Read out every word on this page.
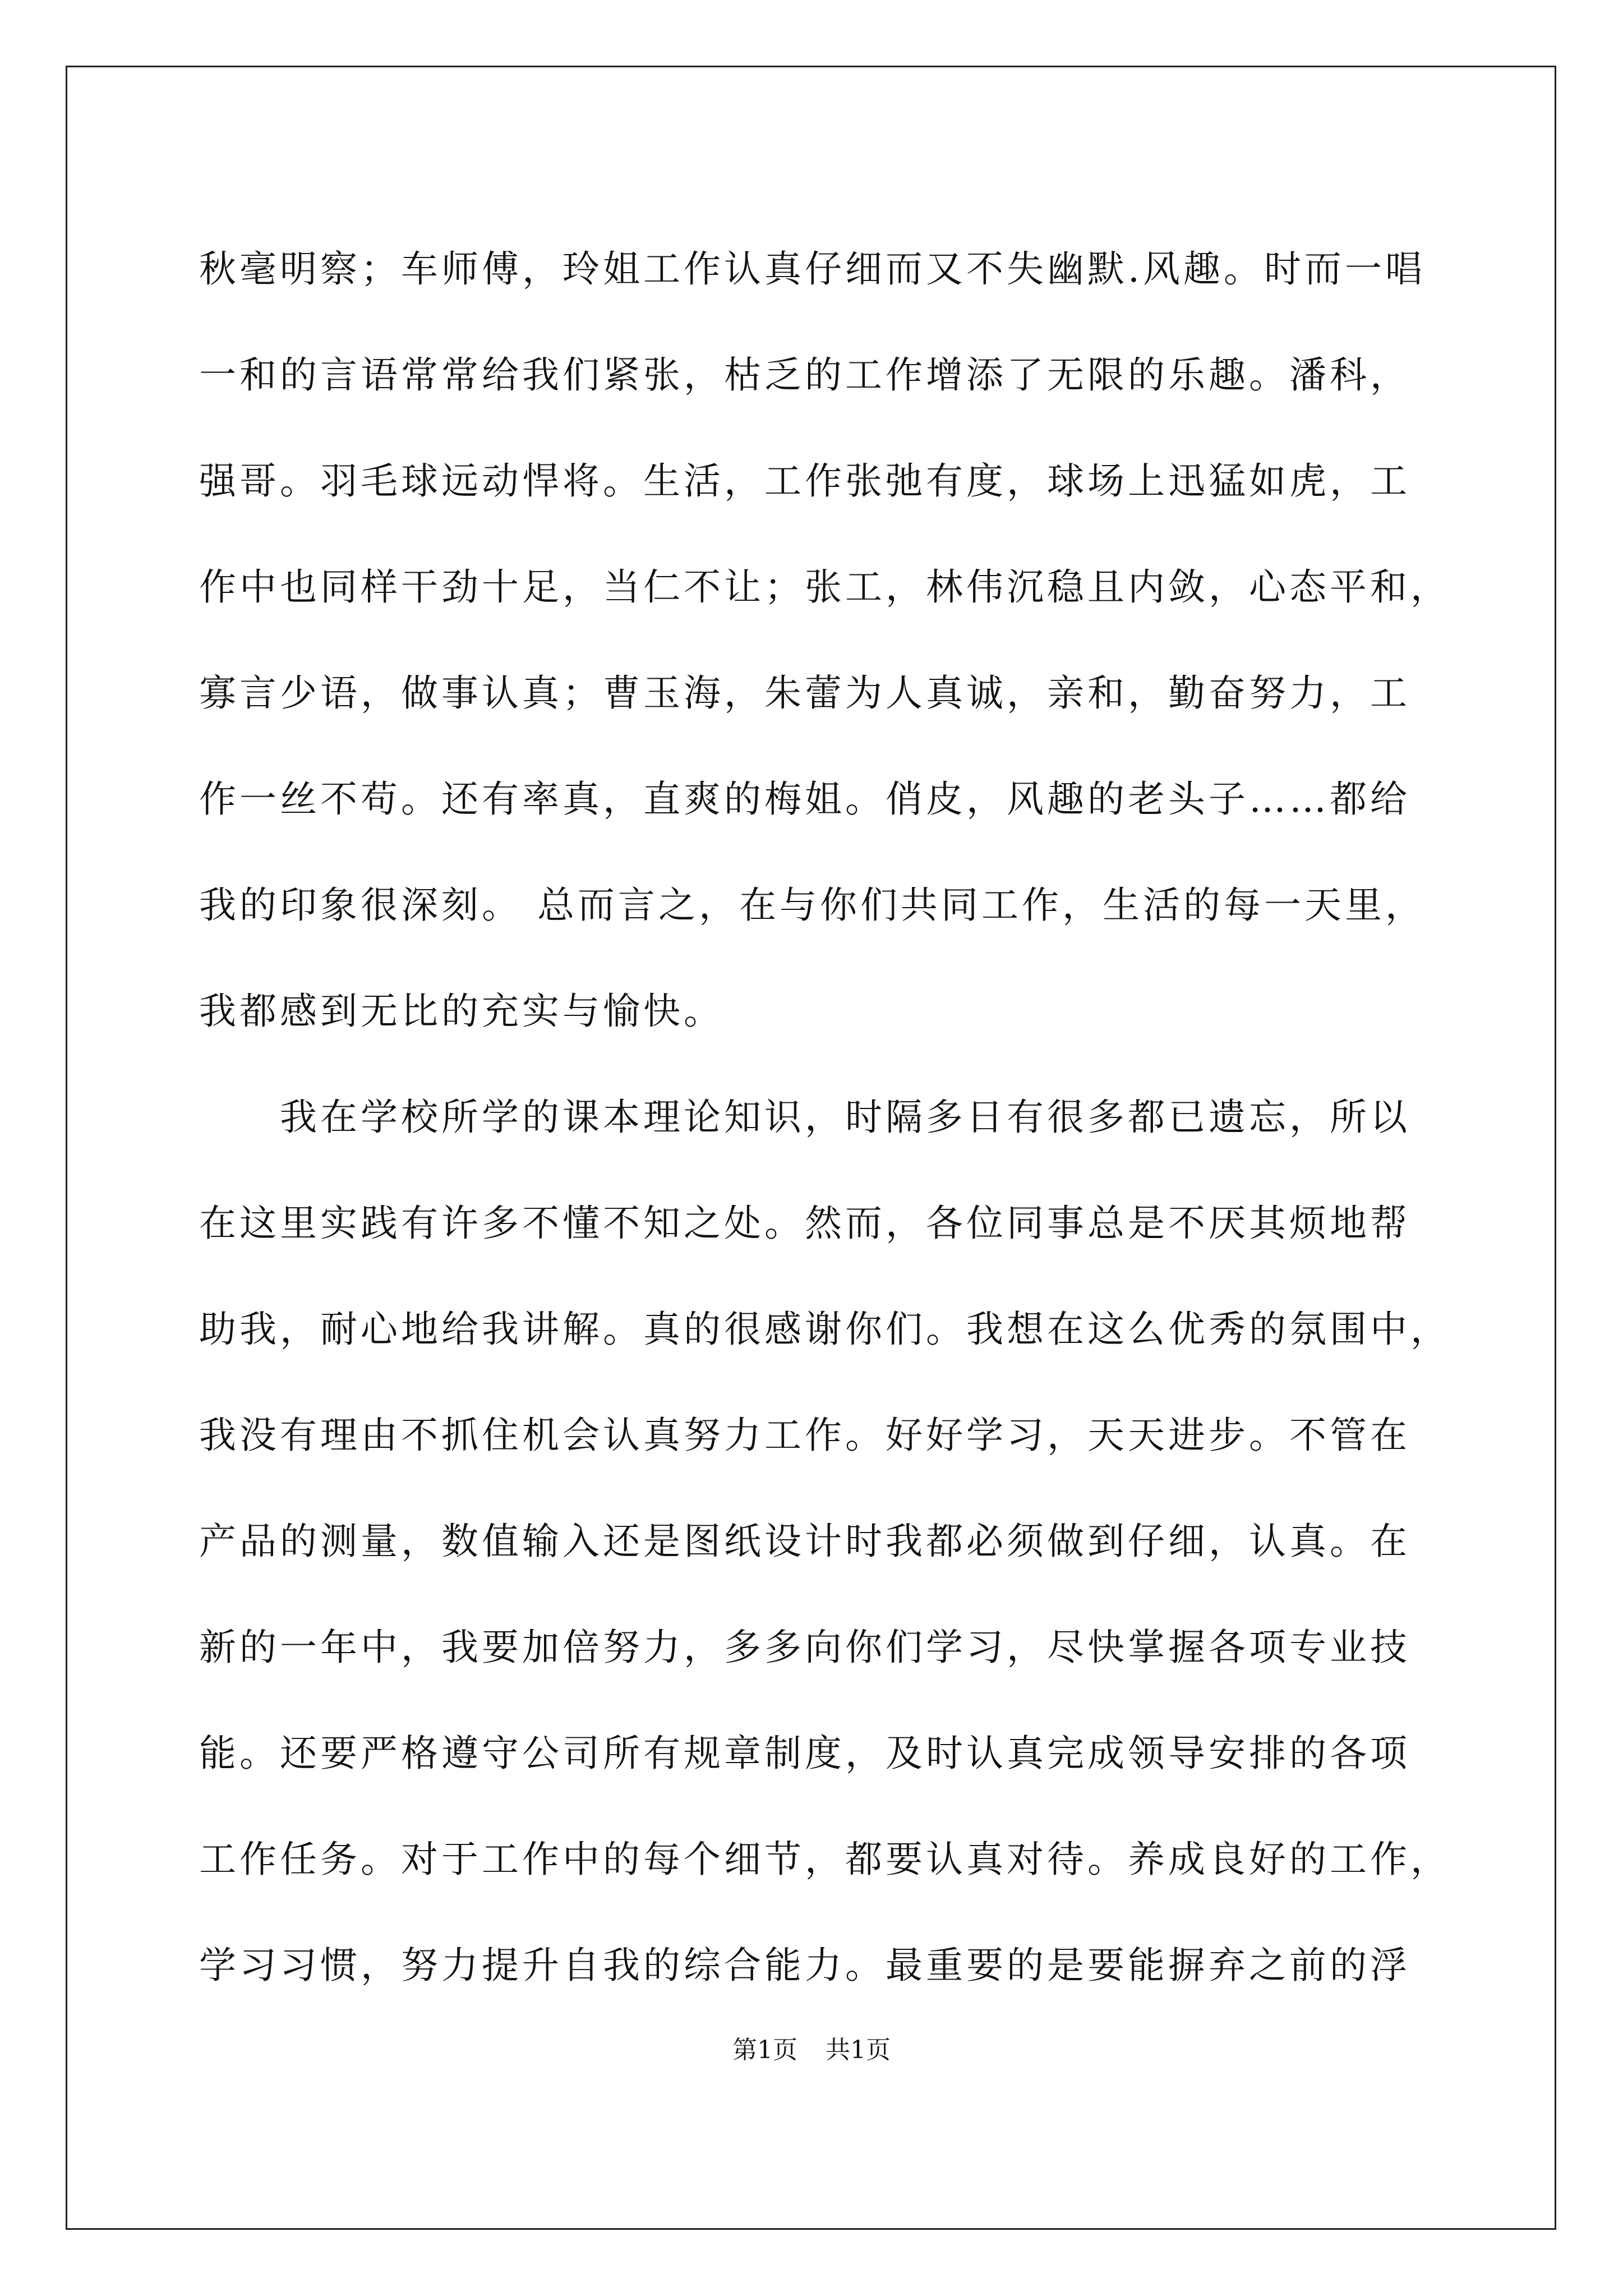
秋毫明察；车师傅，玲姐工作认真仔细而又不失幽默.风趣。时而一唱
一和的言语常常给我们紧张，枯乏的工作增添了无限的乐趣。潘科，
强哥。羽毛球远动悍将。生活，工作张弛有度，球场上迅猛如虎，工
作中也同样干劲十足，当仁不让；张工，林伟沉稳且内敛，心态平和，
寡言少语，做事认真；曹玉海，朱蕾为人真诚，亲和，勤奋努力，工
作一丝不苟。还有率真，直爽的梅姐。俏皮，风趣的老头子……都给
我的印象很深刻。 总而言之，在与你们共同工作，生活的每一天里，
我都感到无比的充实与愉快。
　　我在学校所学的课本理论知识，时隔多日有很多都已遗忘，所以
在这里实践有许多不懂不知之处。然而，各位同事总是不厌其烦地帮
助我，耐心地给我讲解。真的很感谢你们。我想在这么优秀的氛围中，
我没有理由不抓住机会认真努力工作。好好学习，天天进步。不管在
产品的测量，数值输入还是图纸设计时我都必须做到仔细，认真。在
新的一年中，我要加倍努力，多多向你们学习，尽快掌握各项专业技
能。还要严格遵守公司所有规章制度，及时认真完成领导安排的各项
工作任务。对于工作中的每个细节，都要认真对待。养成良好的工作，
学习习惯，努力提升自我的综合能力。最重要的是要能摒弃之前的浮
第1页 共1页
